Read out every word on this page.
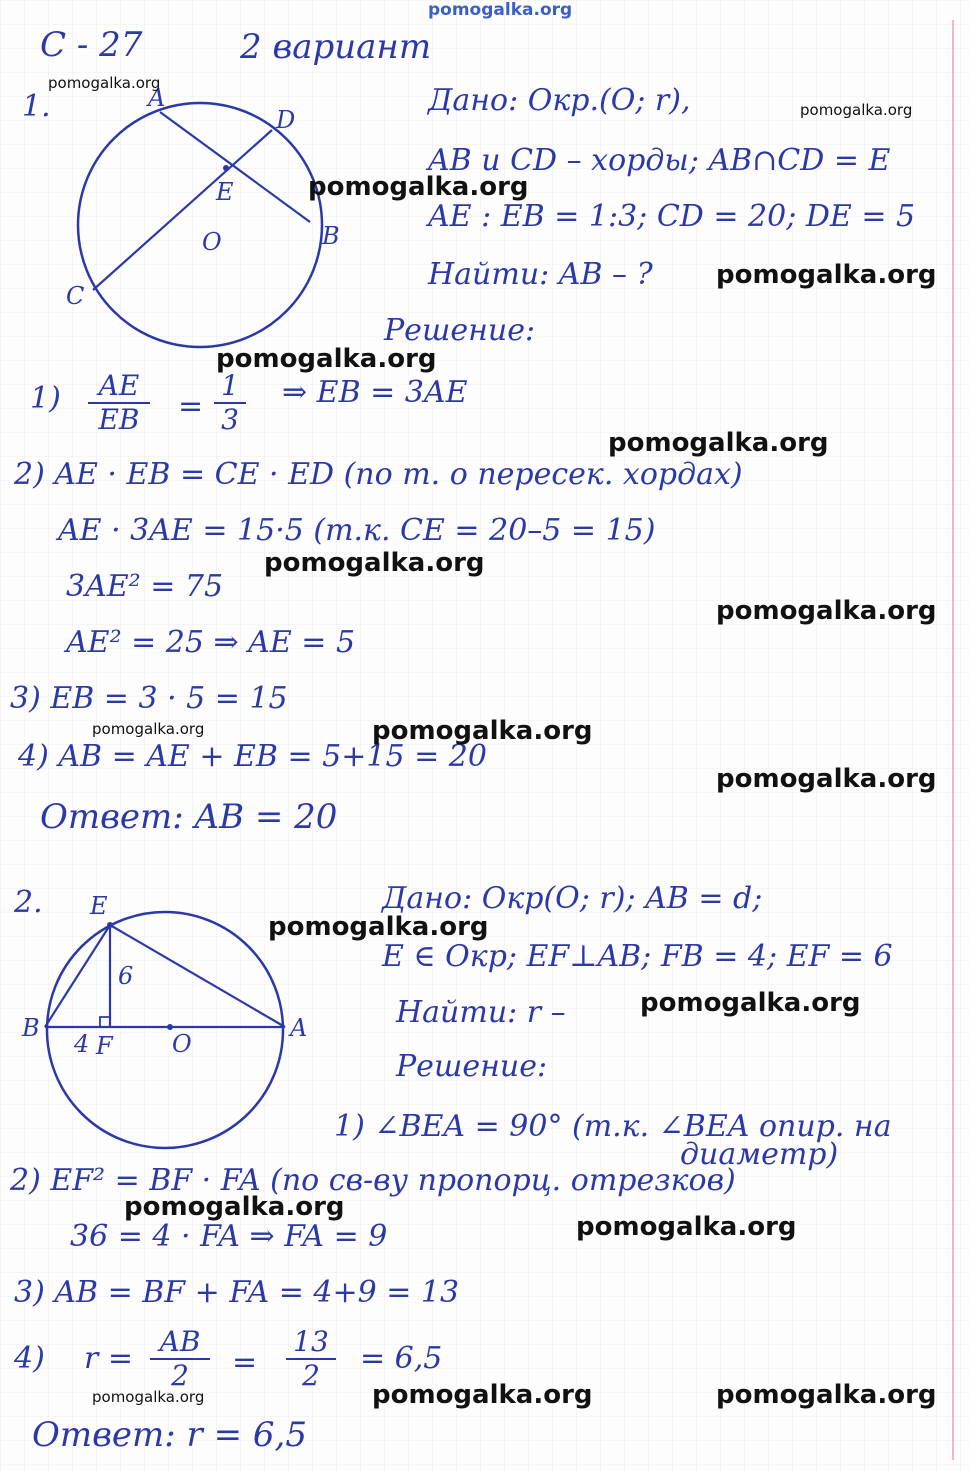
С - 27	2 вариант
1.	A
D
E
O	B
C
Дано: Окр.(O; r),
AB и CD – хорды; AB∩CD = E
AE : EB = 1:3; CD = 20; DE = 5
Найти: AB – ?
Решение:
1)	AE
EB	=
1
3
⇒ EB = 3AE
2) AE · EB = CE · ED (по т. о пересек. хордах)
AE · 3AE = 15·5 (т.к. CE = 20–5 = 15)
3AE² = 75
AE² = 25 ⇒ AE = 5
3) EB = 3 · 5 = 15
4) AB = AE + EB = 5+15 = 20
Ответ: AB = 20
2. E
6
B
4 F O
A
Дано: Окр(O; r); AB = d;
E ∈ Окр; EF⊥AB; FB = 4; EF = 6
Найти: r –
Решение:
1) ∠BEA = 90° (т.к. ∠BEA опир. на
диаметр)
2) EF² = BF · FA (по св-ву пропорц. отрезков)
36 = 4 · FA ⇒ FA = 9
3) AB = BF + FA = 4+9 = 13
4) r = AB
2	=
13
2	= 6,5
Ответ: r = 6,5
pomogalka.org
pomogalka.org
pomogalka.org
pomogalka.org
pomogalka.org
pomogalka.org
pomogalka.org
pomogalka.org
pomogalka.org
pomogalka.org	pomogalka.org
pomogalka.org
pomogalka.org
pomogalka.org
pomogalka.org
pomogalka.org
pomogalka.org	pomogalka.org	pomogalka.org
